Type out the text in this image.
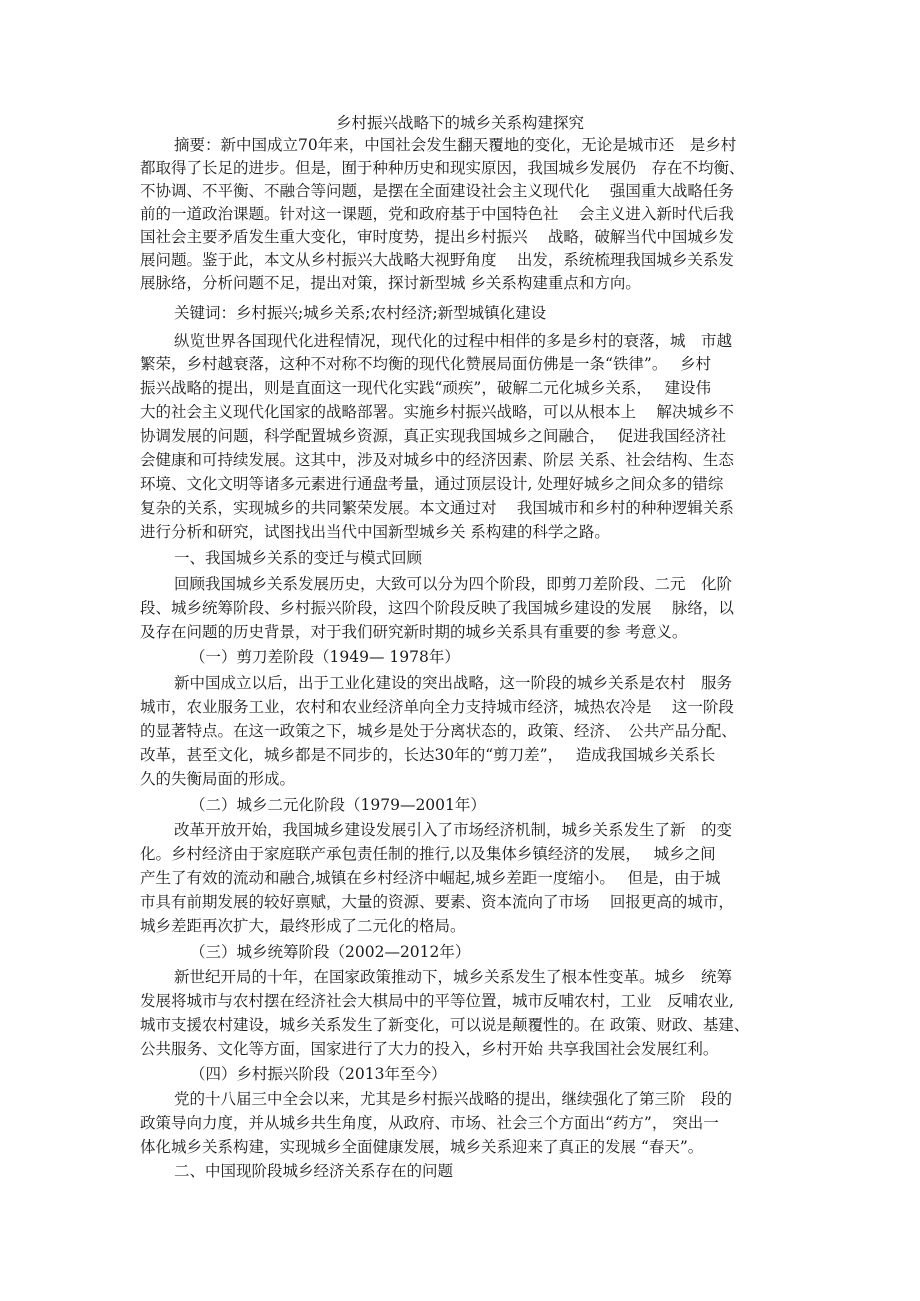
乡村振兴战略下的城乡关系构建探究
摘要：新中国成立70年来，中国社会发生翻天覆地的变化，无论是城市还　是乡村
都取得了长足的进步。但是，囿于种种历史和现实原因，我国城乡发展仍　存在不均衡、
不协调、不平衡、不融合等问题，是摆在全面建设社会主义现代化　 强国重大战略任务
前的一道政治课题。针对这一课题，党和政府基于中国特色社　 会主义进入新时代后我
国社会主要矛盾发生重大变化，审时度势，提出乡村振兴　 战略，破解当代中国城乡发
展问题。鉴于此，本文从乡村振兴大战略大视野角度　 出发，系统梳理我国城乡关系发
展脉络，分析问题不足，提出对策，探讨新型城 乡关系构建重点和方向。
关键词：乡村振兴;城乡关系;农村经济;新型城镇化建设
纵览世界各国现代化进程情况，现代化的过程中相伴的多是乡村的衰落，城　市越
繁荣，乡村越衰落，这种不对称不均衡的现代化赞展局面仿佛是一条“铁律”。　 乡村
振兴战略的提出，则是直面这一现代化实践“顽疾”，破解二元化城乡关系，　 建设伟
大的社会主义现代化国家的战略部署。实施乡村振兴战略，可以从根本上　 解决城乡不
协调发展的问题，科学配置城乡资源，真正实现我国城乡之间融合，　 促进我国经济社
会健康和可持续发展。这其中，涉及对城乡中的经济因素、阶层 关系、社会结构、生态
环境、文化文明等诸多元素进行通盘考量，通过顶层设计, 处理好城乡之间众多的错综
复杂的关系，实现城乡的共同繁荣发展。本文通过对　 我国城市和乡村的种种逻辑关系
进行分析和研究，试图找出当代中国新型城乡关 系构建的科学之路。
一、我国城乡关系的变迁与模式回顾
回顾我国城乡关系发展历史，大致可以分为四个阶段，即剪刀差阶段、二元　化阶
段、城乡统筹阶段、乡村振兴阶段，这四个阶段反映了我国城乡建设的发展　 脉络，以
及存在问题的历史背景，对于我们研究新时期的城乡关系具有重要的参 考意义。
（一）剪刀差阶段（1949— 1978年）
新中国成立以后，出于工业化建设的突出战略，这一阶段的城乡关系是农村　服务
城市，农业服务工业，农村和农业经济单向全力支持城市经济，城热农冷是　 这一阶段
的显著特点。在这一政策之下，城乡是处于分离状态的，政策、经济、　公共产品分配、
改革，甚至文化，城乡都是不同步的，长达30年的“剪刀差”，　 造成我国城乡关系长
久的失衡局面的形成。
（二）城乡二元化阶段（1979—2001年）
改革开放开始，我国城乡建设发展引入了市场经济机制，城乡关系发生了新　的变
化。乡村经济由于家庭联产承包责任制的推行,以及集体乡镇经济的发展，　 城乡之间
产生了有效的流动和融合,城镇在乡村经济中崛起,城乡差距一度缩小。　 但是，由于城
市具有前期发展的较好禀赋，大量的资源、要素、资本流向了市场　 回报更高的城市，
城乡差距再次扩大，最终形成了二元化的格局。
（三）城乡统筹阶段（2002—2012年）
新世纪开局的十年，在国家政策推动下，城乡关系发生了根本性变革。城乡　统筹
发展将城市与农村摆在经济社会大棋局中的平等位置，城市反哺农村，工业　反哺农业,
城市支援农村建设，城乡关系发生了新变化，可以说是颠覆性的。在 政策、财政、基建、
公共服务、文化等方面，国家进行了大力的投入，乡村开始 共享我国社会发展红利。
（四）乡村振兴阶段（2013年至今）
党的十八届三中全会以来，尤其是乡村振兴战略的提出，继续强化了第三阶　段的
政策导向力度，并从城乡共生角度，从政府、市场、社会三个方面出“药方”， 突出一
体化城乡关系构建，实现城乡全面健康发展，城乡关系迎来了真正的发展 “春天”。
二、中国现阶段城乡经济关系存在的问题
